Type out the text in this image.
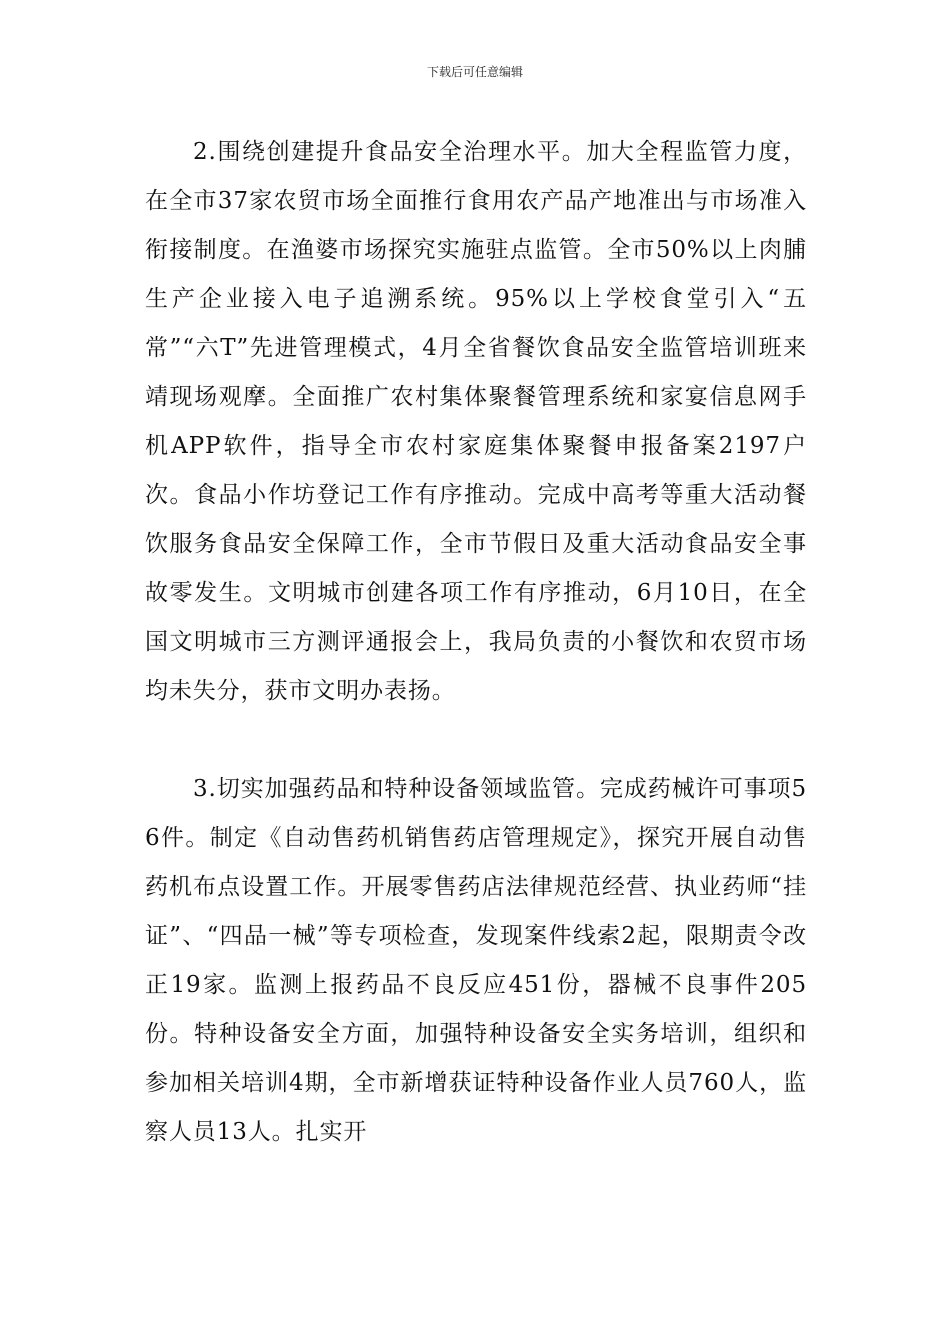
下载后可任意编辑

2.围绕创建提升食品安全治理水平。加大全程监管力度，在全市37家农贸市场全面推行食用农产品产地准出与市场准入衔接制度。在渔婆市场探究实施驻点监管。全市50%以上肉脯生产企业接入电子追溯系统。95%以上学校食堂引入“五常”“六T”先进管理模式，4月全省餐饮食品安全监管培训班来靖现场观摩。全面推广农村集体聚餐管理系统和家宴信息网手机APP软件，指导全市农村家庭集体聚餐申报备案2197户次。食品小作坊登记工作有序推动。完成中高考等重大活动餐饮服务食品安全保障工作，全市节假日及重大活动食品安全事故零发生。文明城市创建各项工作有序推动，6月10日，在全国文明城市三方测评通报会上，我局负责的小餐饮和农贸市场均未失分，获市文明办表扬。

3.切实加强药品和特种设备领域监管。完成药械许可事项56件。制定《自动售药机销售药店管理规定》，探究开展自动售药机布点设置工作。开展零售药店法律规范经营、执业药师“挂证”、“四品一械”等专项检查，发现案件线索2起，限期责令改正19家。监测上报药品不良反应451份，器械不良事件205份。特种设备安全方面，加强特种设备安全实务培训，组织和参加相关培训4期，全市新增获证特种设备作业人员760人，监察人员13人。扎实开
